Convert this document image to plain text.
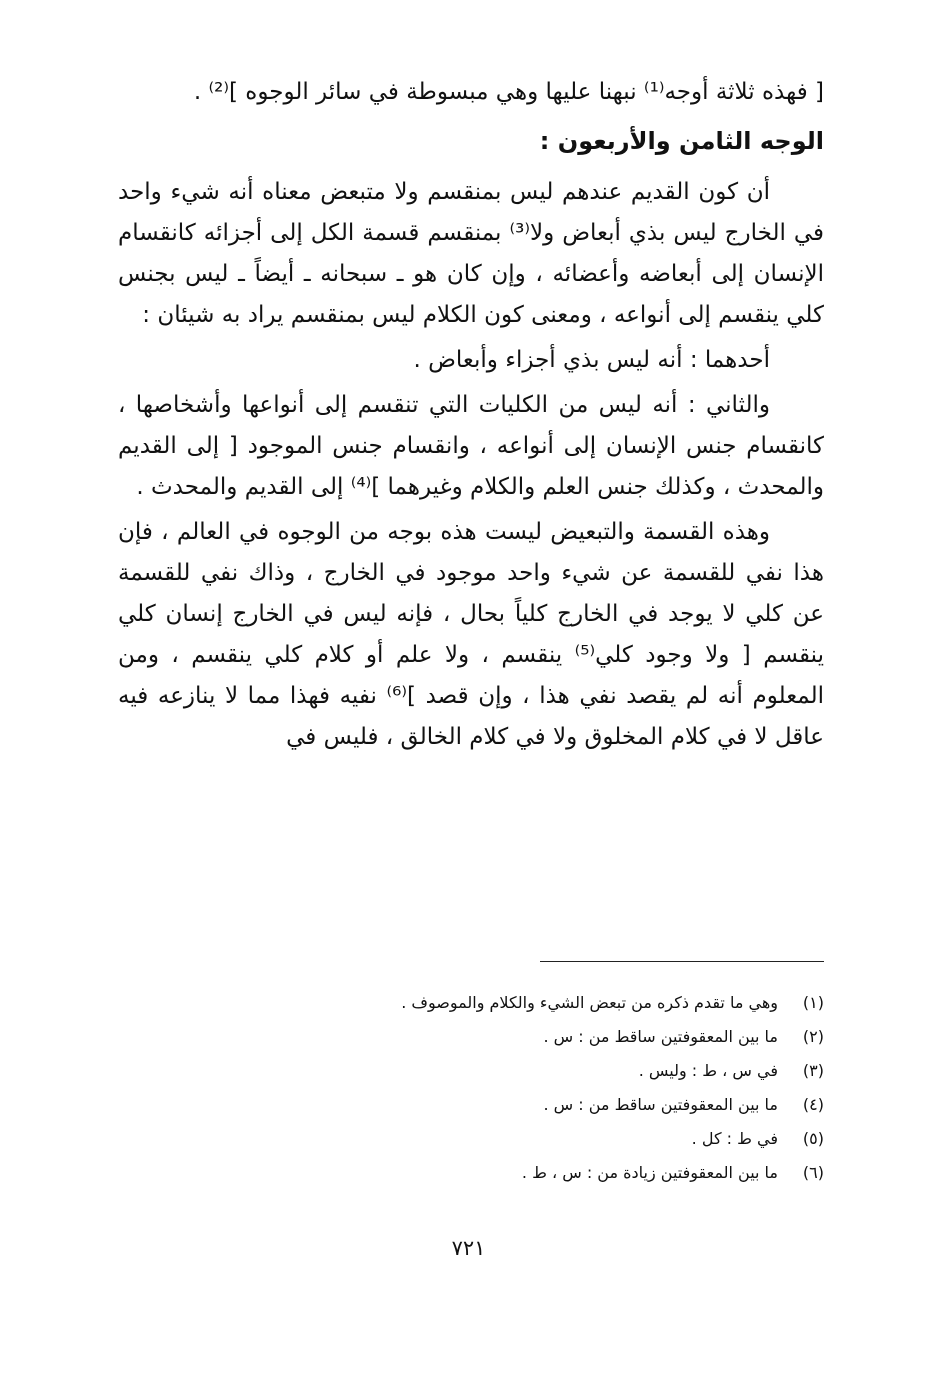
[ فهذه ثلاثة أوجه⁽¹⁾ نبهنا عليها وهي مبسوطة في سائر الوجوه ]⁽²⁾ .

الوجه الثامن والأربعون :

أن كون القديم عندهم ليس بمنقسم ولا متبعض معناه أنه شيء واحد في الخارج ليس بذي أبعاض ولا⁽³⁾ بمنقسم قسمة الكل إلى أجزائه كانقسام الإنسان إلى أبعاضه وأعضائه ، وإن كان هو ـ سبحانه ـ أيضاً ـ ليس بجنس كلي ينقسم إلى أنواعه ، ومعنى كون الكلام ليس بمنقسم يراد به شيئان :

أحدهما : أنه ليس بذي أجزاء وأبعاض .

والثاني : أنه ليس من الكليات التي تنقسم إلى أنواعها وأشخاصها ، كانقسام جنس الإنسان إلى أنواعه ، وانقسام جنس الموجود [ إلى القديم والمحدث ، وكذلك جنس العلم والكلام وغيرهما ]⁽⁴⁾ إلى القديم والمحدث .

وهذه القسمة والتبعيض ليست هذه بوجه من الوجوه في العالم ، فإن هذا نفي للقسمة عن شيء واحد موجود في الخارج ، وذاك نفي للقسمة عن كلي لا يوجد في الخارج كلياً بحال ، فإنه ليس في الخارج إنسان كلي ينقسم [ ولا وجود كلي⁽⁵⁾ ينقسم ، ولا علم أو كلام كلي ينقسم ، ومن المعلوم أنه لم يقصد نفي هذا ، وإن قصد ]⁽⁶⁾ نفيه فهذا مما لا ينازعه فيه عاقل لا في كلام المخلوق ولا في كلام الخالق ، فليس في

(١)
وهي ما تقدم ذكره من تبعض الشيء والكلام والموصوف .
(٢)
ما بين المعقوفتين ساقط من : س .
(٣)
في س ، ط : وليس .
(٤)
ما بين المعقوفتين ساقط من : س .
(٥)
في ط : كل .
(٦)
ما بين المعقوفتين زيادة من : س ، ط .
٧٢١
